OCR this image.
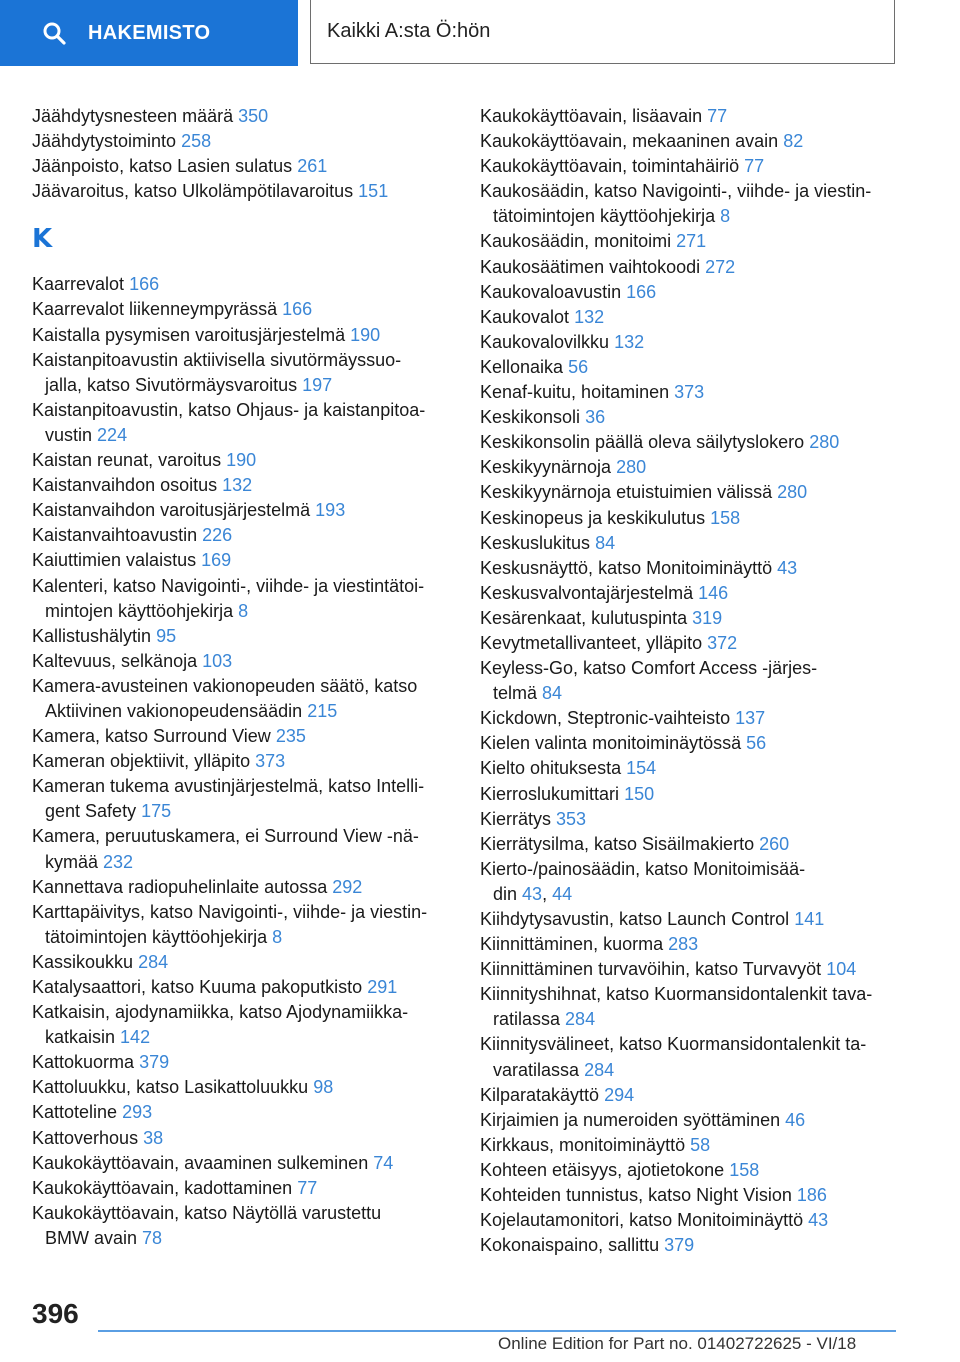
HAKEMISTO	Kaikki A:sta Ö:hön
Jäähdytysnesteen määrä 350
Jäähdytystoiminto 258
Jäänpoisto, katso Lasien sulatus 261
Jäävaroitus, katso Ulkolämpötilavaroitus 151
K
Kaarrevalot 166
Kaarrevalot liikenneympyrässä 166
Kaistalla pysymisen varoitusjärjestelmä 190
Kaistanpitoavustin aktiivisella sivutörmäyssuo-
jalla, katso Sivutörmäysvaroitus 197
Kaistanpitoavustin, katso Ohjaus- ja kaistanpitoa-
vustin 224
Kaistan reunat, varoitus 190
Kaistanvaihdon osoitus 132
Kaistanvaihdon varoitusjärjestelmä 193
Kaistanvaihtoavustin 226
Kaiuttimien valaistus 169
Kalenteri, katso Navigointi-, viihde- ja viestintätoi-
mintojen käyttöohjekirja 8
Kallistushälytin 95
Kaltevuus, selkänoja 103
Kamera-avusteinen vakionopeuden säätö, katso
Aktiivinen vakionopeudensäädin 215
Kamera, katso Surround View 235
Kameran objektiivit, ylläpito 373
Kameran tukema avustinjärjestelmä, katso Intelli-
gent Safety 175
Kamera, peruutuskamera, ei Surround View -nä-
kymää 232
Kannettava radiopuhelinlaite autossa 292
Karttapäivitys, katso Navigointi-, viihde- ja viestin-
tätoimintojen käyttöohjekirja 8
Kassikoukku 284
Katalysaattori, katso Kuuma pakoputkisto 291
Katkaisin, ajodynamiikka, katso Ajodynamiikka-
katkaisin 142
Kattokuorma 379
Kattoluukku, katso Lasikattoluukku 98
Kattoteline 293
Kattoverhous 38
Kaukokäyttöavain, avaaminen sulkeminen 74
Kaukokäyttöavain, kadottaminen 77
Kaukokäyttöavain, katso Näytöllä varustettu
BMW avain 78
Kaukokäyttöavain, lisäavain 77
Kaukokäyttöavain, mekaaninen avain 82
Kaukokäyttöavain, toimintahäiriö 77
Kaukosäädin, katso Navigointi-, viihde- ja viestin-
tätoimintojen käyttöohjekirja 8
Kaukosäädin, monitoimi 271
Kaukosäätimen vaihtokoodi 272
Kaukovaloavustin 166
Kaukovalot 132
Kaukovalovilkku 132
Kellonaika 56
Kenaf-kuitu, hoitaminen 373
Keskikonsoli 36
Keskikonsolin päällä oleva säilytyslokero 280
Keskikyynärnoja 280
Keskikyynärnoja etuistuimien välissä 280
Keskinopeus ja keskikulutus 158
Keskuslukitus 84
Keskusnäyttö, katso Monitoiminäyttö 43
Keskusvalvontajärjestelmä 146
Kesärenkaat, kulutuspinta 319
Kevytmetallivanteet, ylläpito 372
Keyless-Go, katso Comfort Access -järjes-
telmä 84
Kickdown, Steptronic-vaihteisto 137
Kielen valinta monitoiminäytössä 56
Kielto ohituksesta 154
Kierroslukumittari 150
Kierrätys 353
Kierrätysilma, katso Sisäilmakierto 260
Kierto-/painosäädin, katso Monitoimisää-
din 43, 44
Kiihdytysavustin, katso Launch Control 141
Kiinnittäminen, kuorma 283
Kiinnittäminen turvavöihin, katso Turvavyöt 104
Kiinnityshihnat, katso Kuormansidontalenkit tava-
ratilassa 284
Kiinnitysvälineet, katso Kuormansidontalenkit ta-
varatilassa 284
Kilparatakäyttö 294
Kirjaimien ja numeroiden syöttäminen 46
Kirkkaus, monitoiminäyttö 58
Kohteen etäisyys, ajotietokone 158
Kohteiden tunnistus, katso Night Vision 186
Kojelautamonitori, katso Monitoiminäyttö 43
Kokonaispaino, sallittu 379
396
Online Edition for Part no. 01402722625 - VI/18
